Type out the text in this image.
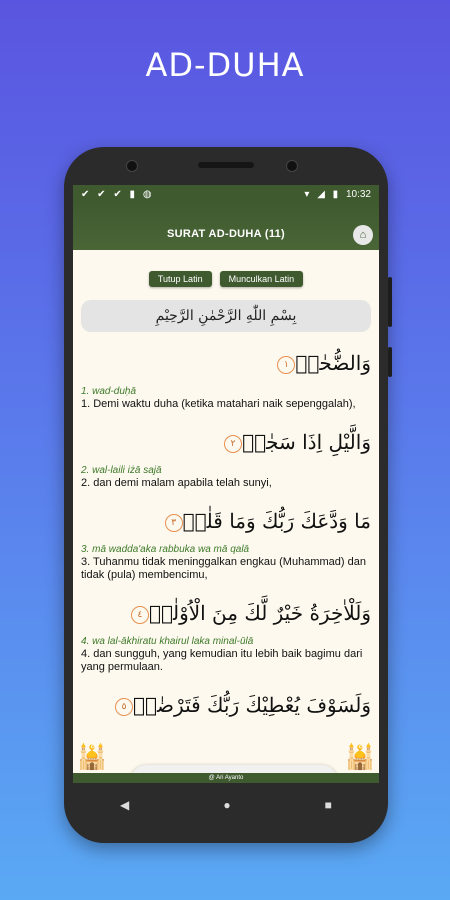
AD-DUHA
✔ ✔ ✔ ▮ ◍	▾ ◢ ▮ 10:32
SURAT AD-DUHA (11)	⌂
Tutup Latin	Munculkan Latin
بِسْمِ اللّٰهِ الرَّحْمٰنِ الرَّحِيْمِ
وَالضُّحٰىۙ١
1. wad-duḥā
1. Demi waktu duha (ketika matahari naik sepenggalah),
وَالَّيْلِ اِذَا سَجٰىۙ٢
2. wal-laili iżā sajā
2. dan demi malam apabila telah sunyi,
مَا وَدَّعَكَ رَبُّكَ وَمَا قَلٰىۗ٣
3. mā wadda'aka rabbuka wa mā qalā
3. Tuhanmu tidak meninggalkan engkau (Muhammad) dan tidak (pula) membencimu,
وَلَلْاٰخِرَةُ خَيْرٌ لَّكَ مِنَ الْاُوْلٰىۗ٤
4. wa lal-ākhiratu khairul laka minal-ūlā
4. dan sungguh, yang kemudian itu lebih baik bagimu dari yang permulaan.
وَلَسَوْفَ يُعْطِيْكَ رَبُّكَ فَتَرْضٰىۗ٥
🕌	🕌
@ Ari Ayanto
◀	●	■
